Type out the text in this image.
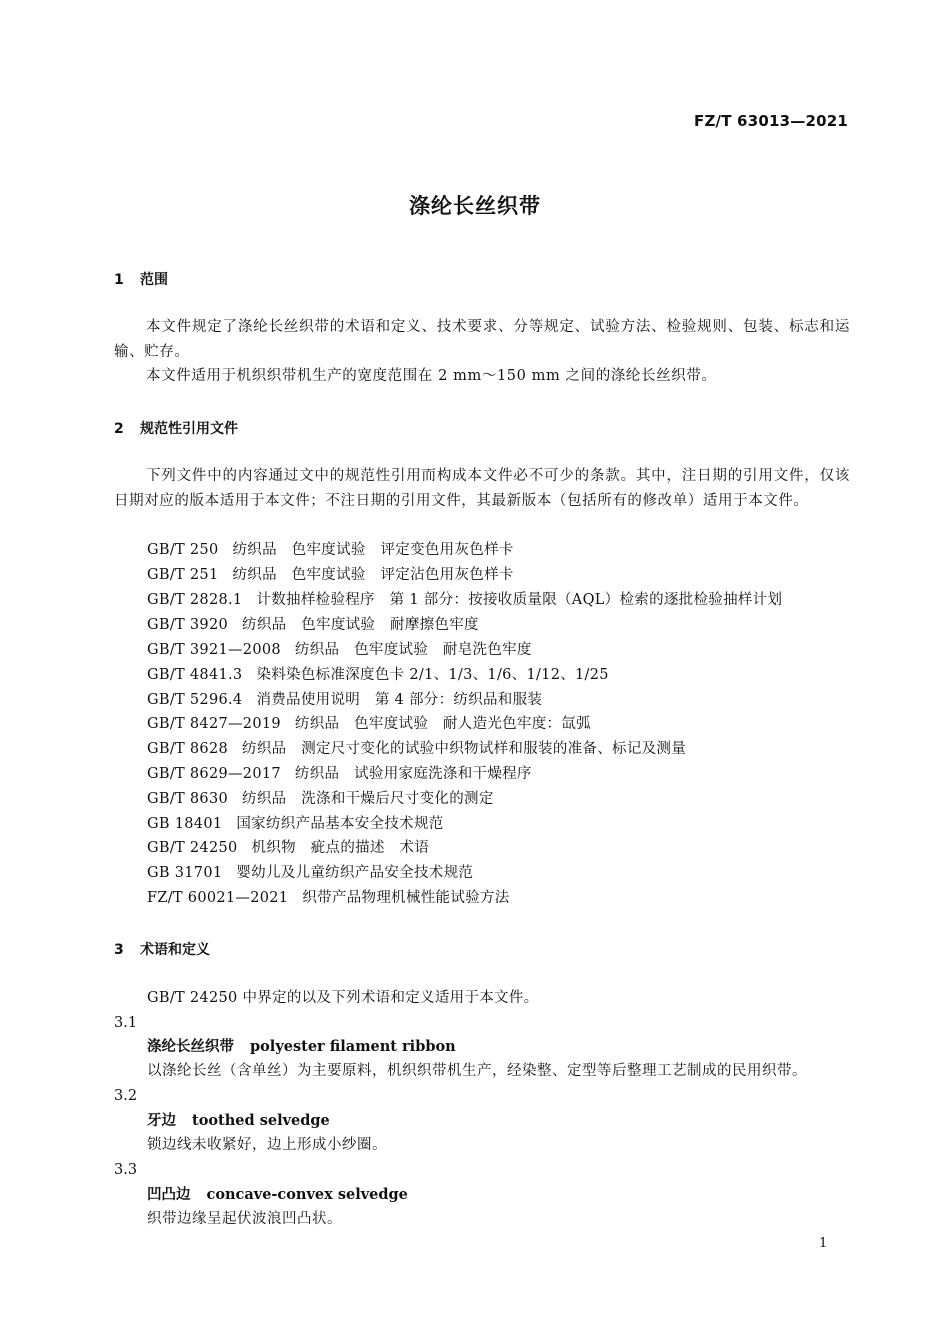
FZ/T 63013—2021
涤纶长丝织带
1 范围
本文件规定了涤纶长丝织带的术语和定义、技术要求、分等规定、试验方法、检验规则、包装、标志和运输、贮存。
本文件适用于机织织带机生产的宽度范围在 2 mm～150 mm 之间的涤纶长丝织带。
2 规范性引用文件
下列文件中的内容通过文中的规范性引用而构成本文件必不可少的条款。其中，注日期的引用文件，仅该日期对应的版本适用于本文件；不注日期的引用文件，其最新版本（包括所有的修改单）适用于本文件。
GB/T 250 纺织品　色牢度试验　评定变色用灰色样卡
GB/T 251 纺织品　色牢度试验　评定沾色用灰色样卡
GB/T 2828.1 计数抽样检验程序　第 1 部分：按接收质量限（AQL）检索的逐批检验抽样计划
GB/T 3920 纺织品　色牢度试验　耐摩擦色牢度
GB/T 3921—2008 纺织品　色牢度试验　耐皂洗色牢度
GB/T 4841.3 染料染色标准深度色卡 2/1、1/3、1/6、1/12、1/25
GB/T 5296.4 消费品使用说明　第 4 部分：纺织品和服装
GB/T 8427—2019 纺织品　色牢度试验　耐人造光色牢度：氙弧
GB/T 8628 纺织品　测定尺寸变化的试验中织物试样和服装的准备、标记及测量
GB/T 8629—2017 纺织品　试验用家庭洗涤和干燥程序
GB/T 8630 纺织品　洗涤和干燥后尺寸变化的测定
GB 18401 国家纺织产品基本安全技术规范
GB/T 24250 机织物　疵点的描述　术语
GB 31701 婴幼儿及儿童纺织产品安全技术规范
FZ/T 60021—2021 织带产品物理机械性能试验方法
3 术语和定义
GB/T 24250 中界定的以及下列术语和定义适用于本文件。
3.1
涤纶长丝织带 polyester filament ribbon
以涤纶长丝（含单丝）为主要原料，机织织带机生产，经染整、定型等后整理工艺制成的民用织带。
3.2
牙边 toothed selvedge
锁边线未收紧好，边上形成小纱圈。
3.3
凹凸边 concave-convex selvedge
织带边缘呈起伏波浪凹凸状。
1
